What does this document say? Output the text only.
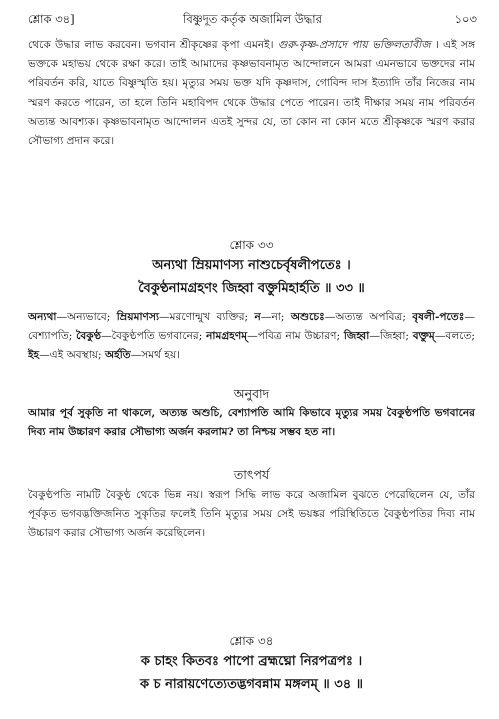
শ্লোক ৩৪]	বিষ্ণুদূত কর্তৃক অজামিল উদ্ধার	১০৩
থেকে উদ্ধার লাভ করবেন। ভগবান শ্রীকৃষ্ণের কৃপা এমনই। গুরু-কৃষ্ণ-প্রসাদে পায় ভক্তিলতাবীজ । এই সঙ্গ ভক্তকে মহাভয় থেকে রক্ষা করে। তাই আমাদের কৃষ্ণভাবনামৃত আন্দোলনে আমরা এমনভাবে ভক্তদের নাম পরিবর্তন করি, যাতে বিষ্ণুস্মৃতি হয়। মৃত্যুর সময় ভক্ত যদি কৃষ্ণদাস, গোবিন্দ দাস ইত্যাদি তাঁর নিজের নাম স্মরণ করতে পারেন, তা হলে তিনি মহাবিপদ থেকে উদ্ধার পেতে পারেন। তাই দীক্ষার সময় নাম পরিবর্তন অত্যন্ত আবশ্যক। কৃষ্ণভাবনামৃত আন্দোলন এতই সুন্দর যে, তা কোন না কোন মতে শ্রীকৃষ্ণকে স্মরণ করার সৌভাগ্য প্রদান করে।
শ্লোক ৩৩
অন্যথা ম্রিয়মাণস্য নাশুচের্বৃষলীপতেঃ ।
বৈকুণ্ঠনামগ্রহণং জিহ্বা বক্তুমিহার্হতি ॥ ৩৩ ॥
অন্যথা—অন্যভাবে; ম্রিয়মাণস্য—মরণোন্মুখ ব্যক্তির; ন—না; অশুচেঃ—অত্যন্ত অপবিত্র; বৃষলী-পতেঃ—বেশ্যাপতি; বৈকুণ্ঠ—বৈকুণ্ঠপতি ভগবানের; নামগ্রহণম্—পবিত্র নাম উচ্চারণ; জিহ্বা—জিহ্বা; বক্তুম্—বলতে; ইহ—এই অবস্থায়; অর্হতি—সমর্থ হয়।
অনুবাদ
আমার পূর্ব সুকৃতি না থাকলে, অত্যন্ত অশুচি, বেশ্যাপতি আমি কিভাবে মৃত্যুর সময় বৈকুণ্ঠপতি ভগবানের দিব্য নাম উচ্চারণ করার সৌভাগ্য অর্জন করলাম? তা নিশ্চয় সম্ভব হত না।
তাৎপর্য
বৈকুণ্ঠপতি নামটি বৈকুণ্ঠ থেকে ভিন্ন নয়। স্বরূপ সিদ্ধি লাভ করে অজামিল বুঝতে পেরেছিলেন যে, তাঁর পূর্বকৃত ভগবদ্ভক্তিজনিত সুকৃতির ফলেই তিনি মৃত্যুর সময় সেই ভয়ঙ্কর পরিস্থিতিতে বৈকুণ্ঠপতির দিব্য নাম উচ্চারণ করার সৌভাগ্য অর্জন করেছিলেন।
শ্লোক ৩৪
ক চাহং কিতবঃ পাপো ব্রহ্মঘ্নো নিরপত্রপঃ ।
ক চ নারায়ণেত্যেতদ্ভগবন্নাম মঙ্গলম্ ॥ ৩৪ ॥
